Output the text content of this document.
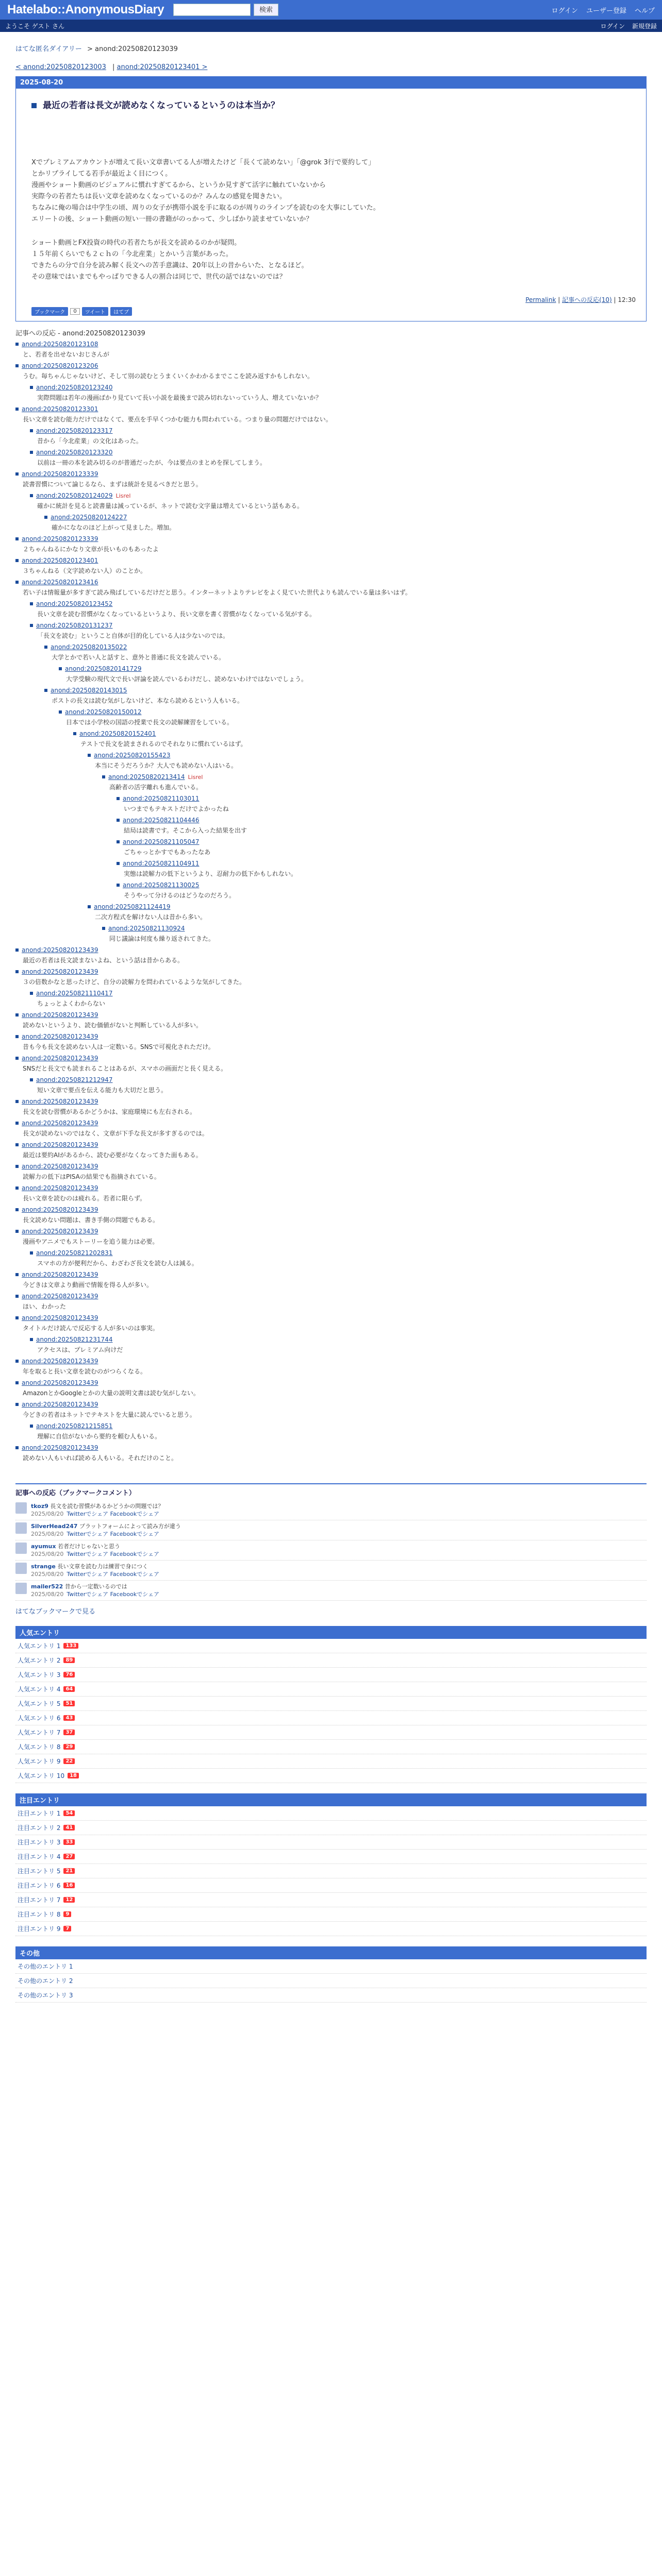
Hatelabo::AnonymousDiary	検索	ログイン ユーザー登録 ヘルプ
ようこそ ゲスト さん	ログイン 新規登録
はてな匿名ダイアリー > anond:20250820123039
< anond:20250820123003 | anond:20250820123401 >
2025-08-20
最近の若者は長文が読めなくなっているというのは本当か？

Xでプレミアムアカウントが増えて長い文章書いてる人が増えたけど「長くて読めない」「@grok 3行で要約して」

とかリプライしてる若手が最近よく目につく。

漫画やショート動画のビジュアルに慣れすぎてるから、というか見すぎて活字に触れていないから

実際今の若者たちは長い文章を読めなくなっているのか？みんなの感覚を聞きたい。

ちなみに俺の場合は中学生の頃、周りの女子が携帯小説を手に取るのが周りのラインプを読むのを大事にしていた。

エリートの後、ショート動画の短い一冊の書籍がのっかって、少しばかり読ませていないか？

ショート動画とFX投資の時代の若者たちが長文を読めるのかが疑問。

１５年前くらいでも２ｃｈの「今北産業」とかいう言葉があった。

できたらの分で自分を読み解く長文への苦手意識は、20年以上の昔からいた、となるほど。

その意味ではいまでもやっぱりできる人の割合は同じで、世代の話ではないのでは？

Permalink | 記事への反応(10) | 12:30
ブックマーク	0	ツイート	はてブ
記事への反応 - anond:20250820123039
anond:20250820123108
と、若者を出せないおじさんが
anond:20250820123206
うむ。毎ちゃんじゃないけど、そして別の読むとうまくいくかわかるまでここを読み返すかもしれない。
anond:20250820123240
実際問題は若年の漫画ばかり見ていて長い小説を最後まで読み切れないっていう人、増えていないか？
anond:20250820123301
長い文章を読む能力だけではなくて、要点を手早くつかむ能力も問われている。つまり量の問題だけではない。
anond:20250820123317
昔から「今北産業」の文化はあった。
anond:20250820123320
以前は一冊の本を読み切るのが普通だったが、今は要点のまとめを探してしまう。
anond:20250820123339
読書習慣について論じるなら、まずは統計を見るべきだと思う。
anond:20250820124029 Lisrel
確かに統計を見ると読書量は減っているが、ネットで読む文字量は増えているという話もある。
anond:20250820124227
確かにななのほど上がって見ました。増加。
anond:20250820123339
２ちゃんねるにかなり文章が長いものもあったよ
anond:20250820123401
３ちゃんねる（文字読めない人）のことか。
anond:20250820123416
若い子は情報量が多すぎて読み飛ばしているだけだと思う。インターネットよりテレビをよく見ていた世代よりも読んでいる量は多いはず。
anond:20250820123452
長い文章を読む習慣がなくなっているというより、長い文章を書く習慣がなくなっている気がする。
anond:20250820131237
「長文を読む」ということ自体が目的化している人は少ないのでは。
anond:20250820135022
大学とかで若い人と話すと、意外と普通に長文を読んでいる。
anond:20250820141729
大学受験の現代文で長い評論を読んでいるわけだし、読めないわけではないでしょう。
anond:20250820143015
ポストの長文は読む気がしないけど、本なら読めるという人もいる。
anond:20250820150012
日本では小学校の国語の授業で長文の読解練習をしている。
anond:20250820152401
テストで長文を読まされるのでそれなりに慣れているはず。
anond:20250820155423
本当にそうだろうか？大人でも読めない人はいる。
anond:20250820213414 Lisrel
高齢者の活字離れも進んでいる。
anond:20250821103011
いつまでもテキストだけでよかったね
anond:20250821104446
結局は読書です。そこから入った結果を出す
anond:20250821105047
ごちゃっとかすでもあったなあ
anond:20250821104911
実態は読解力の低下というより、忍耐力の低下かもしれない。
anond:20250821130025
そうやって分けるのはどうなのだろう。
anond:20250821124419
二次方程式を解けない人は昔から多い。
anond:20250821130924
同じ議論は何度も繰り返されてきた。
anond:20250820123439
最近の若者は長文読まないよね、という話は昔からある。
anond:20250820123439
３の倍数かなと思ったけど、自分の読解力を問われているような気がしてきた。
anond:20250821110417
ちょっとよくわからない
anond:20250820123439
読めないというより、読む価値がないと判断している人が多い。
anond:20250820123439
昔も今も長文を読めない人は一定数いる。SNSで可視化されただけ。
anond:20250820123439
SNSだと長文でも読まれることはあるが、スマホの画面だと長く見える。
anond:20250821212947
短い文章で要点を伝える能力も大切だと思う。
anond:20250820123439
長文を読む習慣があるかどうかは、家庭環境にも左右される。
anond:20250820123439
長文が読めないのではなく、文章が下手な長文が多すぎるのでは。
anond:20250820123439
最近は要約AIがあるから、読む必要がなくなってきた面もある。
anond:20250820123439
読解力の低下はPISAの結果でも指摘されている。
anond:20250820123439
長い文章を読むのは疲れる。若者に限らず。
anond:20250820123439
長文読めない問題は、書き手側の問題でもある。
anond:20250820123439
漫画やアニメでもストーリーを追う能力は必要。
anond:20250821202831
スマホの方が便利だから、わざわざ長文を読む人は減る。
anond:20250820123439
今どきは文章より動画で情報を得る人が多い。
anond:20250820123439
ほい、わかった
anond:20250820123439
タイトルだけ読んで反応する人が多いのは事実。
anond:20250821231744
アクセスは、プレミアム向けだ
anond:20250820123439
年を取ると長い文章を読むのがつらくなる。
anond:20250820123439
AmazonとかGoogleとかの大量の説明文書は読む気がしない。
anond:20250820123439
今どきの若者はネットでテキストを大量に読んでいると思う。
anond:20250821215851
理解に自信がないから要約を頼む人もいる。
anond:20250820123439
読めない人もいれば読める人もいる。それだけのこと。
記事への反応（ブックマークコメント）
tkoz9 長文を読む習慣があるかどうかの問題では？
2025/08/20 Twitterでシェア Facebookでシェア
SilverHead247 プラットフォームによって読み方が違う
2025/08/20 Twitterでシェア Facebookでシェア
ayumux 若者だけじゃないと思う
2025/08/20 Twitterでシェア Facebookでシェア
strange 長い文章を読む力は練習で身につく
2025/08/20 Twitterでシェア Facebookでシェア
mailer522 昔から一定数いるのでは
2025/08/20 Twitterでシェア Facebookでシェア
はてなブックマークで見る
人気エントリ
人気エントリ 1	133
人気エントリ 2	89
人気エントリ 3	76
人気エントリ 4	64
人気エントリ 5	51
人気エントリ 6	43
人気エントリ 7	37
人気エントリ 8	29
人気エントリ 9	22
人気エントリ 10	18
注目エントリ
注目エントリ 1	54
注目エントリ 2	41
注目エントリ 3	33
注目エントリ 4	27
注目エントリ 5	21
注目エントリ 6	16
注目エントリ 7	12
注目エントリ 8	9
注目エントリ 9	7
その他
その他のエントリ 1
その他のエントリ 2
その他のエントリ 3
